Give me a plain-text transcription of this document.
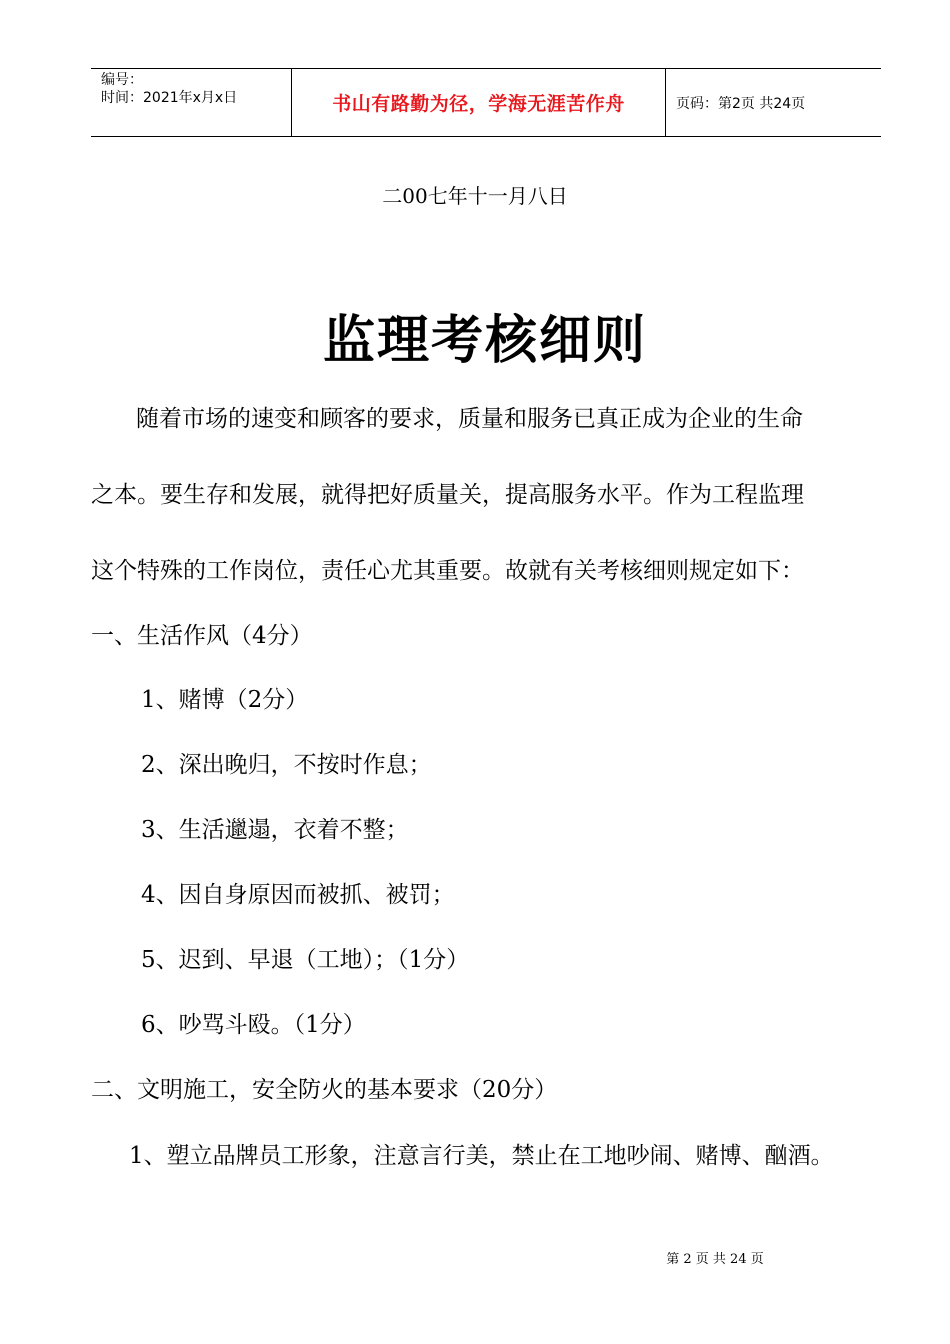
编号：
时间：2021年x月x日	书山有路勤为径，学海无涯苦作舟	页码：第2页 共24页
二00七年十一月八日
监理考核细则
随着市场的速变和顾客的要求，质量和服务已真正成为企业的生命
之本。要生存和发展，就得把好质量关，提高服务水平。作为工程监理
这个特殊的工作岗位，责任心尤其重要。故就有关考核细则规定如下：
一、生活作风（4分）
1、赌博（2分）
2、深出晚归，不按时作息；
3、生活邋遢，衣着不整；
4、因自身原因而被抓、被罚；
5、迟到、早退（工地）；（1分）
6、吵骂斗殴。（1分）
二、文明施工，安全防火的基本要求（20分）
1、塑立品牌员工形象，注意言行美，禁止在工地吵闹、赌博、酗酒。
第 2 页 共 24 页
